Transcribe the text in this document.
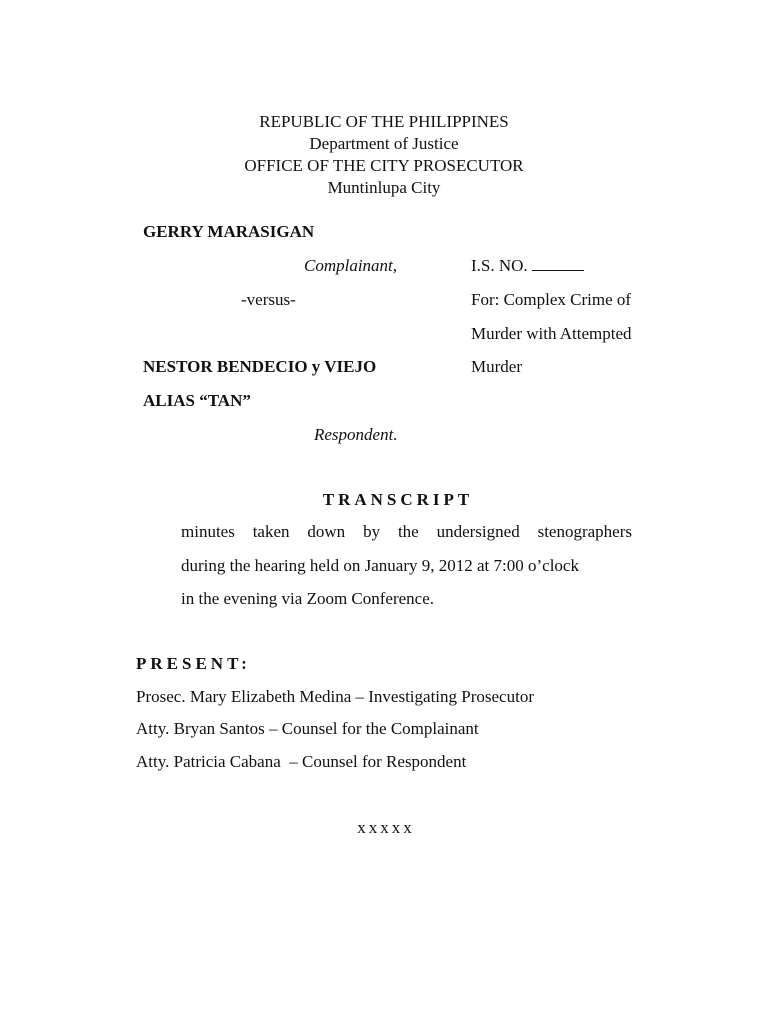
REPUBLIC OF THE PHILIPPINES
Department of Justice
OFFICE OF THE CITY PROSECUTOR
Muntinlupa City
GERRY MARASIGAN
Complainant,
-versus-
NESTOR BENDECIO y VIEJO
ALIAS “TAN”
Respondent.
I.S. NO.
For: Complex Crime of
Murder with Attempted
Murder
TRANSCRIPT
minutes taken down by the undersigned stenographers
during the hearing held on January 9, 2012 at 7:00 o’clock
in the evening via Zoom Conference.
PRESENT:
Prosec. Mary Elizabeth Medina – Investigating Prosecutor
Atty. Bryan Santos – Counsel for the Complainant
Atty. Patricia Cabana  – Counsel for Respondent
xxxxx
